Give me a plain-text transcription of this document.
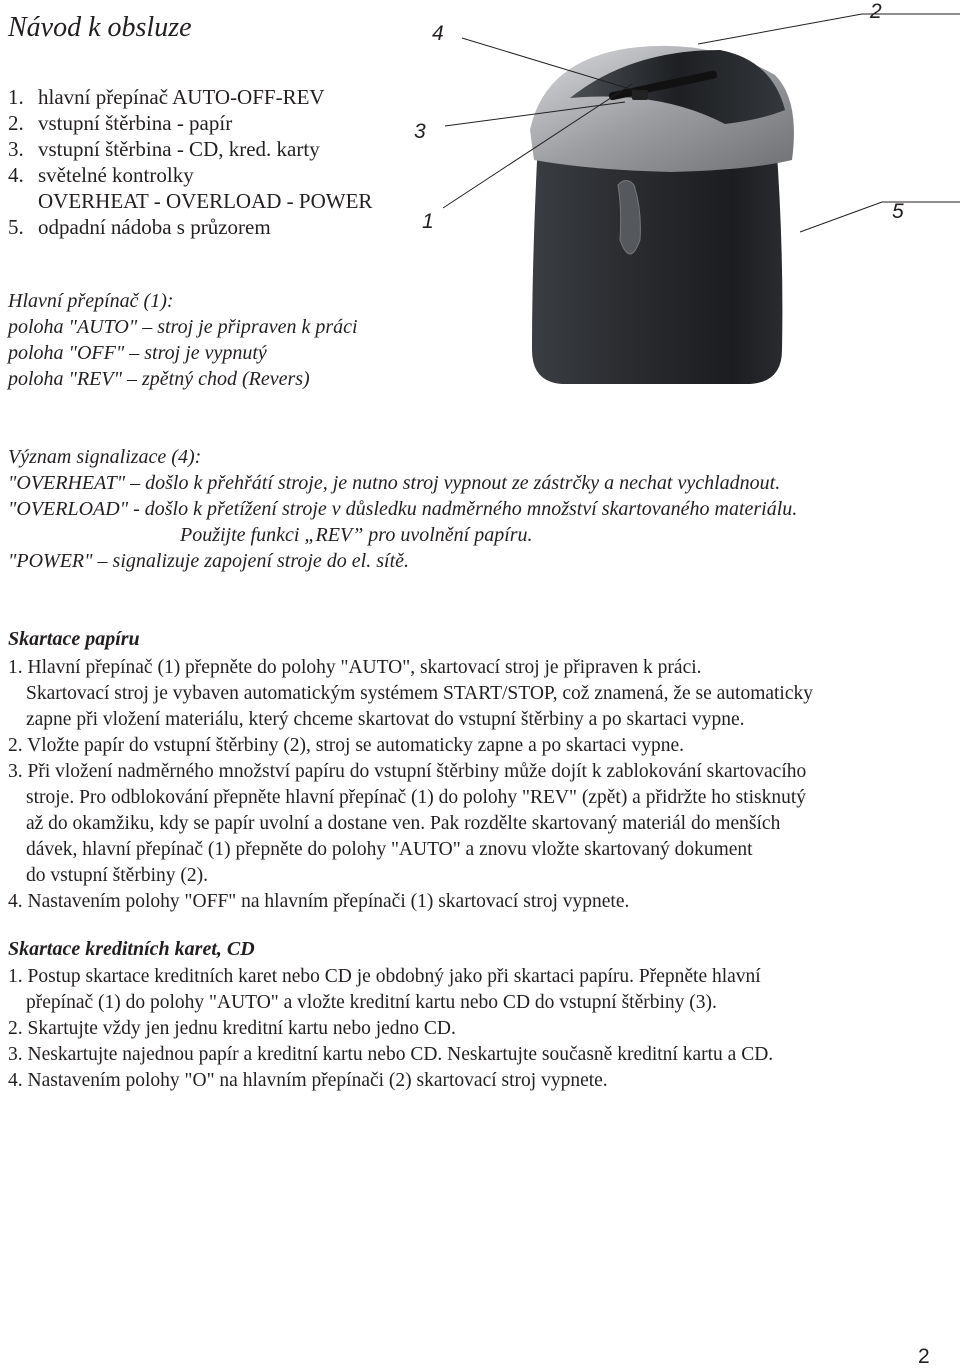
Návod k obsluze
1. hlavní přepínač AUTO-OFF-REV
2. vstupní štěrbina - papír
3. vstupní štěrbina - CD, kred. karty
4. světelné kontrolky
OVERHEAT - OVERLOAD - POWER
5. odpadní nádoba s průzorem
4
2
3
1	5
Hlavní přepínač (1):
poloha "AUTO" – stroj je připraven k práci
poloha "OFF" – stroj je vypnutý
poloha "REV" – zpětný chod (Revers)
Význam signalizace (4):
"OVERHEAT" – došlo k přehřátí stroje, je nutno stroj vypnout ze zástrčky a nechat vychladnout.
"OVERLOAD" - došlo k přetížení stroje v důsledku nadměrného množství skartovaného materiálu.
Použijte funkci „REV” pro uvolnění papíru.
"POWER" – signalizuje zapojení stroje do el. sítě.
Skartace papíru
1. Hlavní přepínač (1) přepněte do polohy "AUTO", skartovací stroj je připraven k práci.
Skartovací stroj je vybaven automatickým systémem START/STOP, což znamená, že se automaticky
zapne při vložení materiálu, který chceme skartovat do vstupní štěrbiny a po skartaci vypne.
2. Vložte papír do vstupní štěrbiny (2), stroj se automaticky zapne a po skartaci vypne.
3. Při vložení nadměrného množství papíru do vstupní štěrbiny může dojít k zablokování skartovacího
stroje. Pro odblokování přepněte hlavní přepínač (1) do polohy "REV" (zpět) a přidržte ho stisknutý
až do okamžiku, kdy se papír uvolní a dostane ven. Pak rozdělte skartovaný materiál do menších
dávek, hlavní přepínač (1) přepněte do polohy "AUTO" a znovu vložte skartovaný dokument
do vstupní štěrbiny (2).
4. Nastavením polohy "OFF" na hlavním přepínači (1) skartovací stroj vypnete.
Skartace kreditních karet, CD
1. Postup skartace kreditních karet nebo CD je obdobný jako při skartaci papíru. Přepněte hlavní
přepínač (1) do polohy "AUTO" a vložte kreditní kartu nebo CD do vstupní štěrbiny (3).
2. Skartujte vždy jen jednu kreditní kartu nebo jedno CD.
3. Neskartujte najednou papír a kreditní kartu nebo CD. Neskartujte současně kreditní kartu a CD.
4. Nastavením polohy "O" na hlavním přepínači (2) skartovací stroj vypnete.
2
